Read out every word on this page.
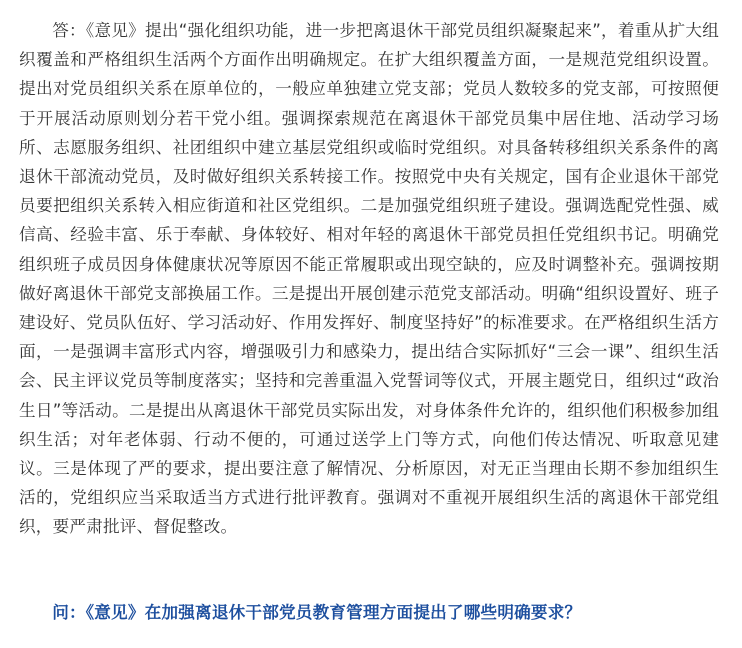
答：《意见》提出“强化组织功能，进一步把离退休干部党员组织凝聚起来”，着重从扩大组织覆盖和严格组织生活两个方面作出明确规定。在扩大组织覆盖方面，一是规范党组织设置。提出对党员组织关系在原单位的，一般应单独建立党支部；党员人数较多的党支部，可按照便于开展活动原则划分若干党小组。强调探索规范在离退休干部党员集中居住地、活动学习场所、志愿服务组织、社团组织中建立基层党组织或临时党组织。对具备转移组织关系条件的离退休干部流动党员，及时做好组织关系转接工作。按照党中央有关规定，国有企业退休干部党员要把组织关系转入相应街道和社区党组织。二是加强党组织班子建设。强调选配党性强、威信高、经验丰富、乐于奉献、身体较好、相对年轻的离退休干部党员担任党组织书记。明确党组织班子成员因身体健康状况等原因不能正常履职或出现空缺的，应及时调整补充。强调按期做好离退休干部党支部换届工作。三是提出开展创建示范党支部活动。明确“组织设置好、班子建设好、党员队伍好、学习活动好、作用发挥好、制度坚持好”的标准要求。在严格组织生活方面，一是强调丰富形式内容，增强吸引力和感染力，提出结合实际抓好“三会一课”、组织生活会、民主评议党员等制度落实；坚持和完善重温入党誓词等仪式，开展主题党日，组织过“政治生日”等活动。二是提出从离退休干部党员实际出发，对身体条件允许的，组织他们积极参加组织生活；对年老体弱、行动不便的，可通过送学上门等方式，向他们传达情况、听取意见建议。三是体现了严的要求，提出要注意了解情况、分析原因，对无正当理由长期不参加组织生活的，党组织应当采取适当方式进行批评教育。强调对不重视开展组织生活的离退休干部党组织，要严肃批评、督促整改。

问：《意见》在加强离退休干部党员教育管理方面提出了哪些明确要求？
